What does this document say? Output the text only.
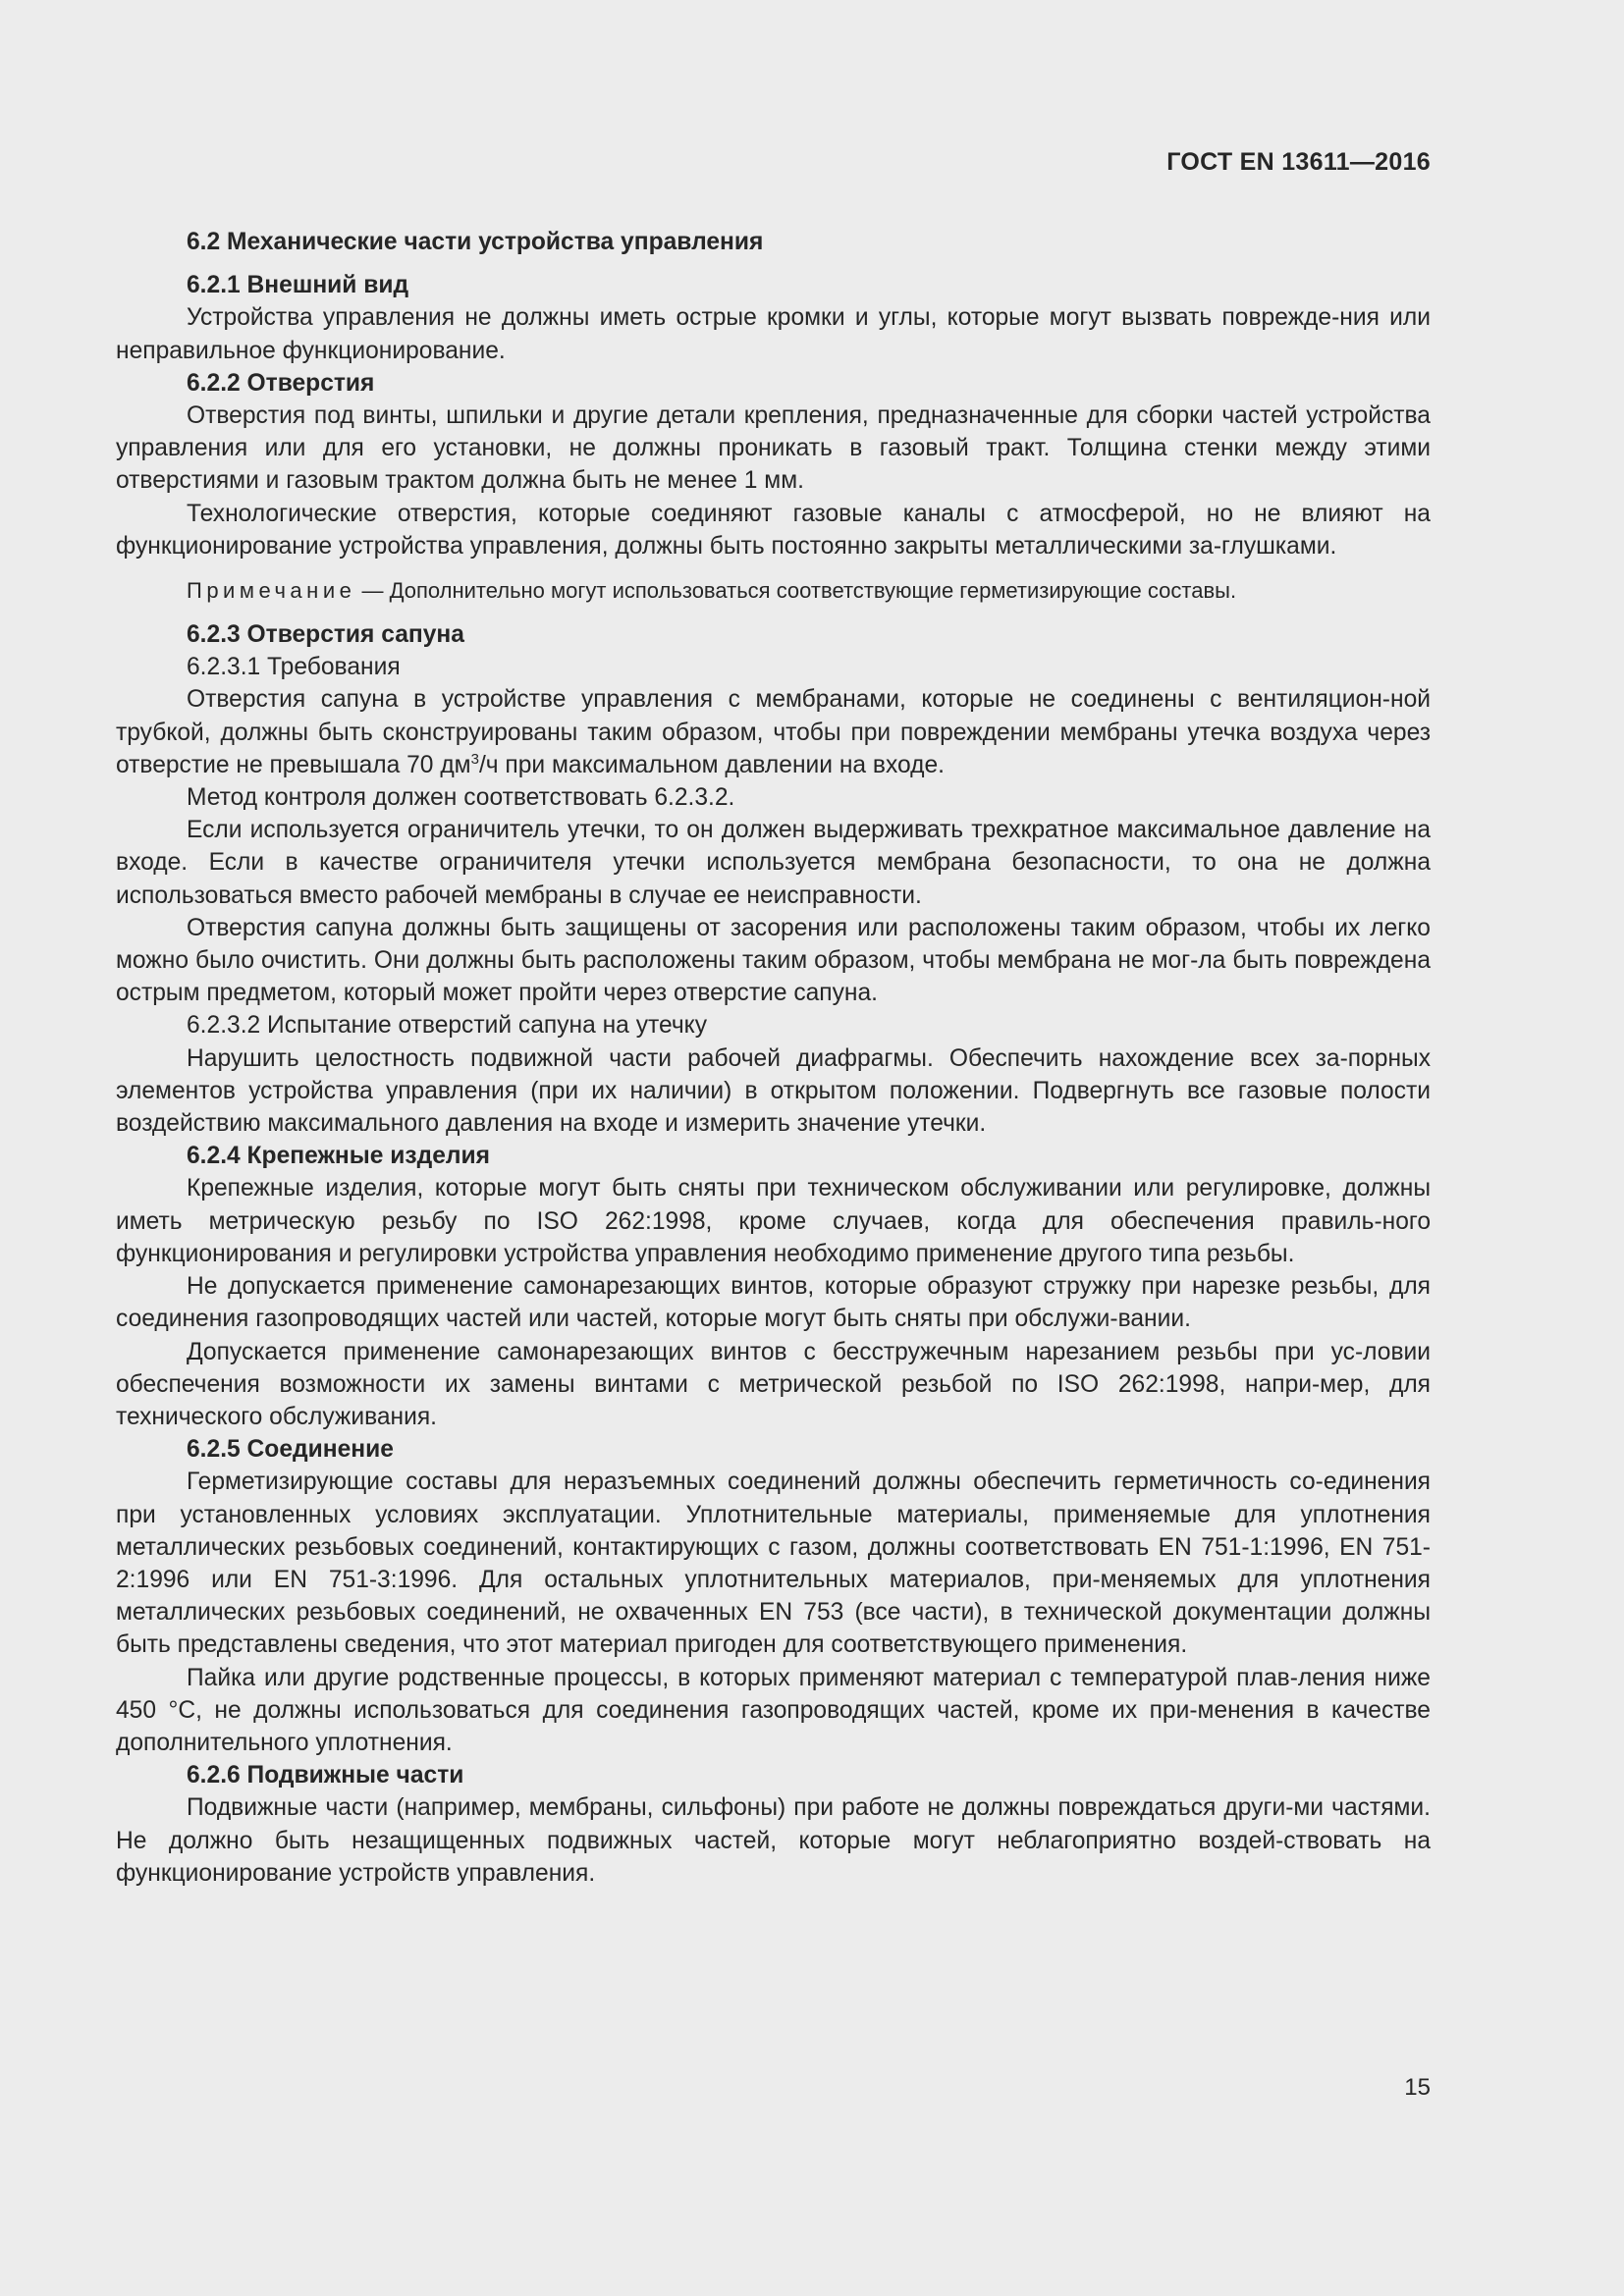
ГОСТ EN 13611—2016

6.2 Механические части устройства управления

6.2.1 Внешний вид

Устройства управления не должны иметь острые кромки и углы, которые могут вызвать поврежде-ния или неправильное функционирование.

6.2.2 Отверстия

Отверстия под винты, шпильки и другие детали крепления, предназначенные для сборки частей устройства управления или для его установки, не должны проникать в газовый тракт. Толщина стенки между этими отверстиями и газовым трактом должна быть не менее 1 мм.

Технологические отверстия, которые соединяют газовые каналы с атмосферой, но не влияют на функционирование устройства управления, должны быть постоянно закрыты металлическими за-глушками.

Примечание — Дополнительно могут использоваться соответствующие герметизирующие составы.

6.2.3 Отверстия сапуна

6.2.3.1 Требования

Отверстия сапуна в устройстве управления с мембранами, которые не соединены с вентиляцион-ной трубкой, должны быть сконструированы таким образом, чтобы при повреждении мембраны утечка воздуха через отверстие не превышала 70 $дм^3/ч$ при максимальном давлении на входе.

Метод контроля должен соответствовать 6.2.3.2.

Если используется ограничитель утечки, то он должен выдерживать трехкратное максимальное давление на входе. Если в качестве ограничителя утечки используется мембрана безопасности, то она не должна использоваться вместо рабочей мембраны в случае ее неисправности.

Отверстия сапуна должны быть защищены от засорения или расположены таким образом, чтобы их легко можно было очистить. Они должны быть расположены таким образом, чтобы мембрана не мог-ла быть повреждена острым предметом, который может пройти через отверстие сапуна.

6.2.3.2 Испытание отверстий сапуна на утечку

Нарушить целостность подвижной части рабочей диафрагмы. Обеспечить нахождение всех за-порных элементов устройства управления (при их наличии) в открытом положении. Подвергнуть все газовые полости воздействию максимального давления на входе и измерить значение утечки.

6.2.4 Крепежные изделия

Крепежные изделия, которые могут быть сняты при техническом обслуживании или регулировке, должны иметь метрическую резьбу по ISO 262:1998, кроме случаев, когда для обеспечения правиль-ного функционирования и регулировки устройства управления необходимо применение другого типа резьбы.

Не допускается применение самонарезающих винтов, которые образуют стружку при нарезке резьбы, для соединения газопроводящих частей или частей, которые могут быть сняты при обслужи-вании.

Допускается применение самонарезающих винтов с бесстружечным нарезанием резьбы при ус-ловии обеспечения возможности их замены винтами с метрической резьбой по ISO 262:1998, напри-мер, для технического обслуживания.

6.2.5 Соединение

Герметизирующие составы для неразъемных соединений должны обеспечить герметичность со-единения при установленных условиях эксплуатации. Уплотнительные материалы, применяемые для уплотнения металлических резьбовых соединений, контактирующих с газом, должны соответствовать EN 751-1:1996, EN 751-2:1996 или EN 751-3:1996. Для остальных уплотнительных материалов, при-меняемых для уплотнения металлических резьбовых соединений, не охваченных EN 753 (все части), в технической документации должны быть представлены сведения, что этот материал пригоден для соответствующего применения.

Пайка или другие родственные процессы, в которых применяют материал с температурой плав-ления ниже 450 °С, не должны использоваться для соединения газопроводящих частей, кроме их при-менения в качестве дополнительного уплотнения.

6.2.6 Подвижные части

Подвижные части (например, мембраны, сильфоны) при работе не должны повреждаться други-ми частями. Не должно быть незащищенных подвижных частей, которые могут неблагоприятно воздей-ствовать на функционирование устройств управления.

15
